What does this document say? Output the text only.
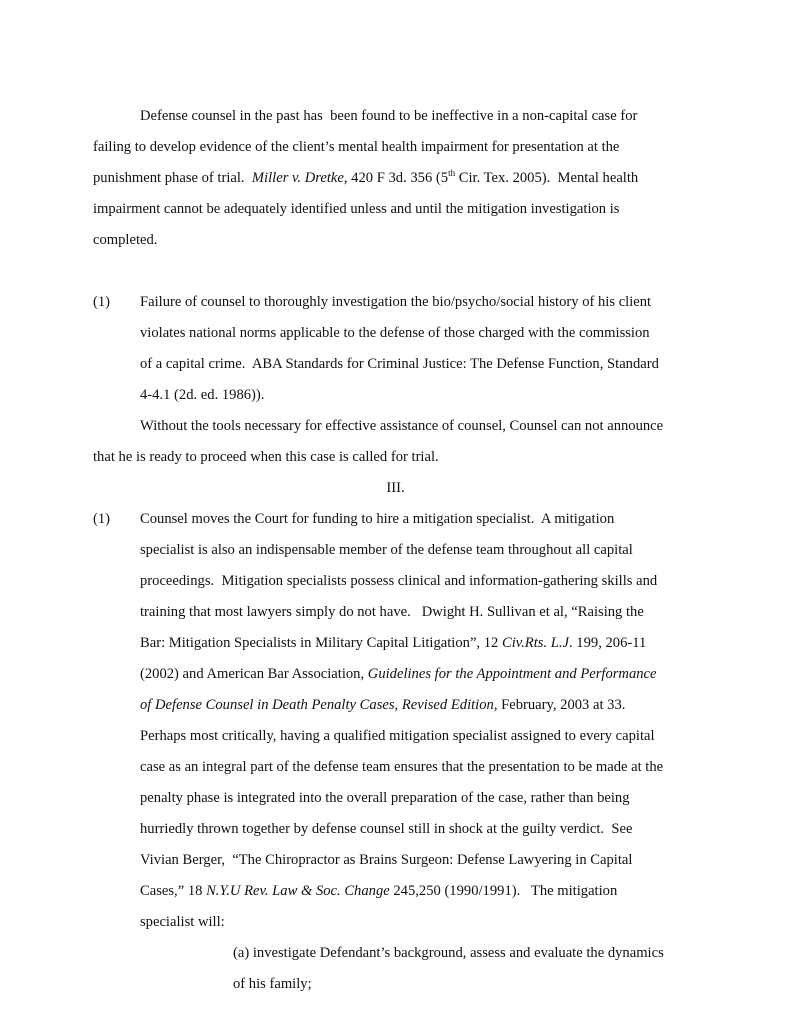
Defense counsel in the past has  been found to be ineffective in a non-capital case for
failing to develop evidence of the client’s mental health impairment for presentation at the
punishment phase of trial.  Miller v. Dretke, 420 F 3d. 356 (5th Cir. Tex. 2005).  Mental health
impairment cannot be adequately identified unless and until the mitigation investigation is
completed.
(1) Failure of counsel to thoroughly investigation the bio/psycho/social history of his client
violates national norms applicable to the defense of those charged with the commission
of a capital crime.  ABA Standards for Criminal Justice: The Defense Function, Standard
4-4.1 (2d. ed. 1986)).
Without the tools necessary for effective assistance of counsel, Counsel can not announce
that he is ready to proceed when this case is called for trial.
III.
(1) Counsel moves the Court for funding to hire a mitigation specialist.  A mitigation
specialist is also an indispensable member of the defense team throughout all capital
proceedings.  Mitigation specialists possess clinical and information-gathering skills and
training that most lawyers simply do not have.   Dwight H. Sullivan et al, “Raising the
Bar: Mitigation Specialists in Military Capital Litigation”, 12 Civ.Rts. L.J. 199, 206-11
(2002) and American Bar Association, Guidelines for the Appointment and Performance
of Defense Counsel in Death Penalty Cases, Revised Edition, February, 2003 at 33.
Perhaps most critically, having a qualified mitigation specialist assigned to every capital
case as an integral part of the defense team ensures that the presentation to be made at the
penalty phase is integrated into the overall preparation of the case, rather than being
hurriedly thrown together by defense counsel still in shock at the guilty verdict.  See
Vivian Berger,  “The Chiropractor as Brains Surgeon: Defense Lawyering in Capital
Cases,” 18 N.Y.U Rev. Law & Soc. Change 245,250 (1990/1991).   The mitigation
specialist will:
(a) investigate Defendant’s background, assess and evaluate the dynamics
of his family;
